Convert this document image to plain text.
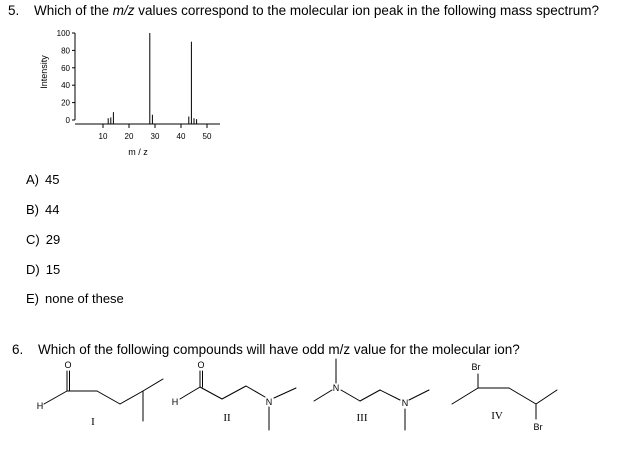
5. Which of the m/z values correspond to the molecular ion peak in the following mass spectrum?
0
20
40
60
80
100
10 20 30 40 50
Intensity
m / z
A) 45
B) 44
C) 29
D) 15
E) none of these
6. Which of the following compounds will have odd m/z value for the molecular ion?
O
H
O
H	N
N
N
Br
Br
I	II	III	IV
